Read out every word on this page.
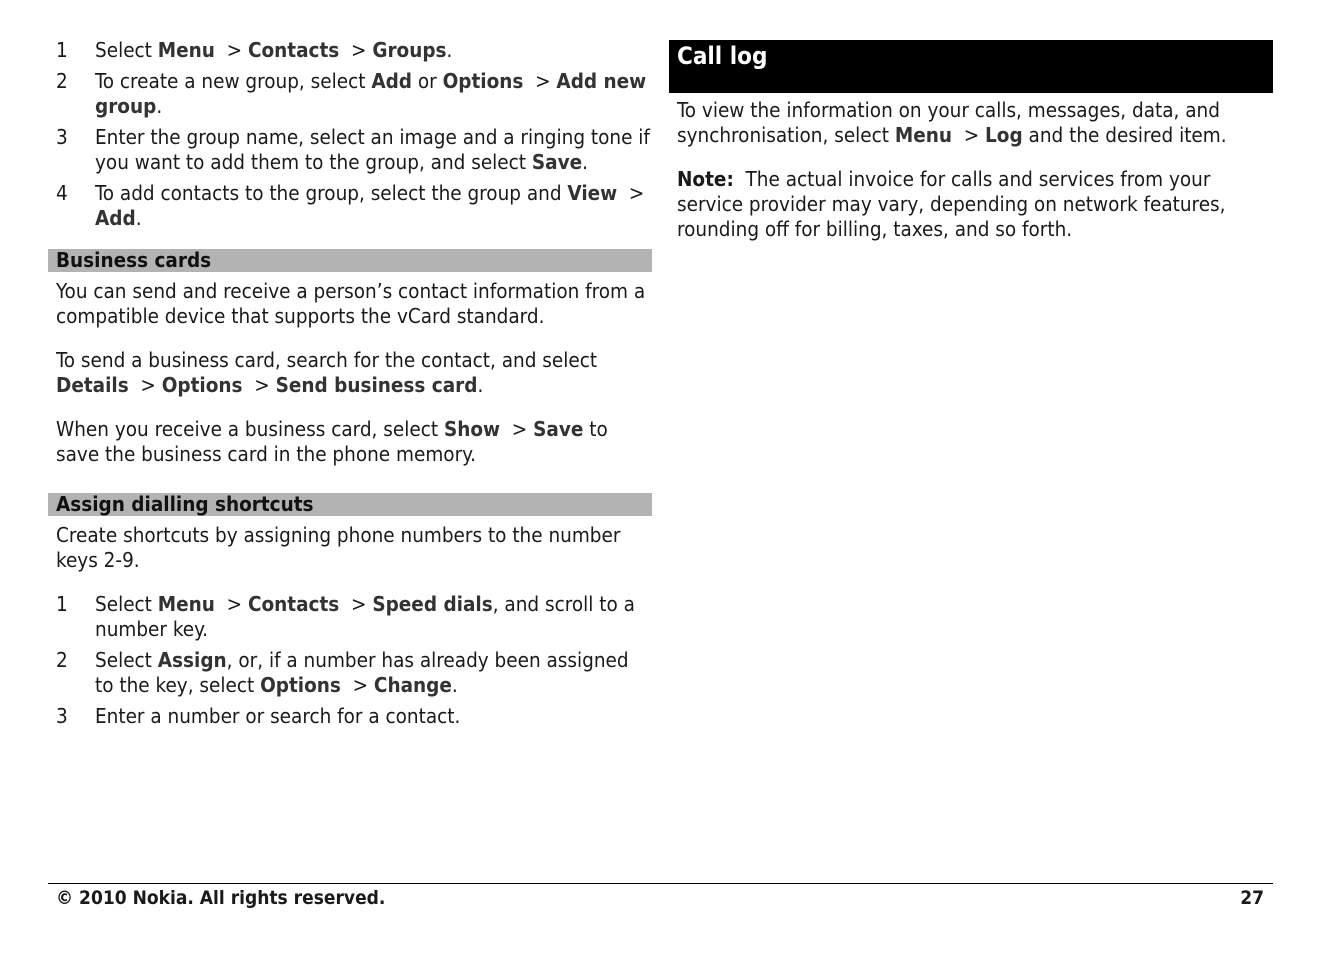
1	Select Menu  > Contacts  > Groups.
2	To create a new group, select Add or Options  > Add new group.
3	Enter the group name, select an image and a ringing tone if you want to add them to the group, and select Save.
4	To add contacts to the group, select the group and View  > Add.
Business cards
You can send and receive a person’s contact information from a compatible device that supports the vCard standard.
To send a business card, search for the contact, and select Details  > Options  > Send business card.
When you receive a business card, select Show  > Save to save the business card in the phone memory.
Assign dialling shortcuts
Create shortcuts by assigning phone numbers to the number keys 2-9.
1	Select Menu  > Contacts  > Speed dials, and scroll to a number key.
2	Select Assign, or, if a number has already been assigned to the key, select Options  > Change.
3	Enter a number or search for a contact.
Call log
To view the information on your calls, messages, data, and synchronisation, select Menu  > Log and the desired item.
Note:  The actual invoice for calls and services from your service provider may vary, depending on network features, rounding off for billing, taxes, and so forth.
© 2010 Nokia. All rights reserved.	27
